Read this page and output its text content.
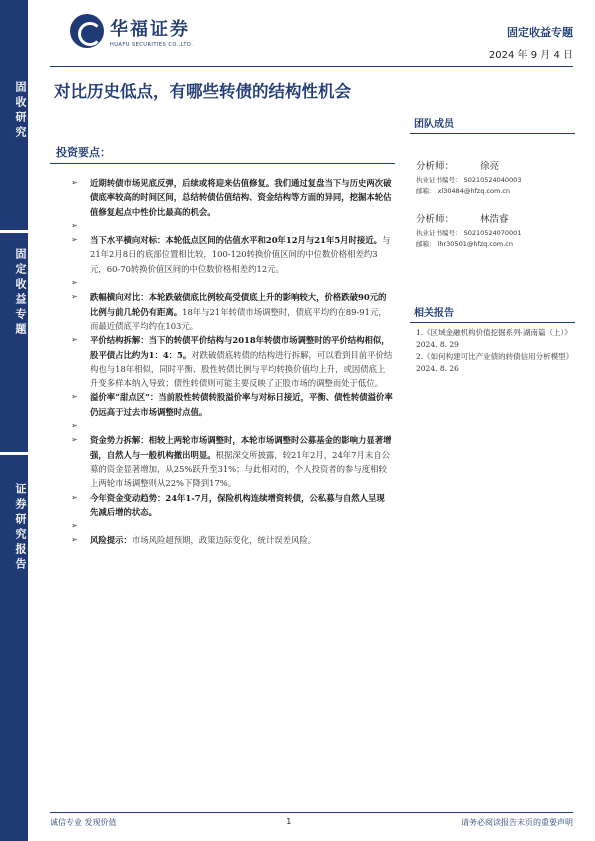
固收研究
固定收益专题
证券研究报告
华福证券
HUAFU SECURITIES CO.,LTD.
固定收益专题
2024 年 9 月 4 日
对比历史低点，有哪些转债的结构性机会
投资要点：
➢ 近期转债市场见底反弹，后续或将迎来估值修复。我们通过复盘当下与历史两次破债底率较高的时间区间，总结转债估值结构、资金结构等方面的异同，挖掘本轮估值修复起点中性价比最高的机会。
➢
➢ 当下水平横向对标：本轮低点区间的估值水平和20年12月与21年5月时接近。与21年2月8日的底部位置相比较，100-120转换价值区间的中位数价格相差约3元，60-70转换价值区间的中位数价格相差约12元。
➢
➢ 跌幅横向对比：本轮跌破债底比例较高受债底上升的影响较大，价格跌破90元的比例与前几轮仍有距离。18年与21年转债市场调整时，债底平均约在89-91元，而最近债底平均约在103元。
➢ 平价结构拆解：当下的转债平价结构与2018年转债市场调整时的平价结构相似，股平债占比约为1：4：5。对跌破债底转债的结构进行拆解，可以看到目前平价结构也与18年相似，同时平衡、股性转债比例与平均转换价值均上升，或因债底上升变多样本纳入导致；债性转债则可能主要反映了正股市场的调整而处于低位。
➢ 溢价率“甜点区”：当前股性转债转股溢价率与对标日接近，平衡、债性转债溢价率仍远高于过去市场调整时点值。
➢
➢ 资金势力拆解：相较上两轮市场调整时，本轮市场调整时公募基金的影响力显著增强，自然人与一般机构撤出明显。根据深交所披露，较21年2月，24年7月末自公募的资金显著增加，从25%跃升至31%；与此相对的，个人投资者的参与度相较上两轮市场调整则从22%下降到17%。
➢ 今年资金变动趋势：24年1-7月，保险机构连续增资转债，公私募与自然人呈现先减后增的状态。
➢
➢ 风险提示：市场风险超预期，政策边际变化，统计误差风险。
团队成员
分析师：	徐亮
执业证书编号： S0210524040003
邮箱： xl30484@hfzq.com.cn
分析师：	林浩睿
执业证书编号： S0210524070001
邮箱： lhr30501@hfzq.com.cn
相关报告
1.《区域金融机构价值挖掘系列·湖南篇（上）》 2024. 8. 29
2.《如何构建可比产业债的转债信用分析模型》 2024. 8. 26
诚信专业 发现价值	1	请务必阅读报告末页的重要声明
